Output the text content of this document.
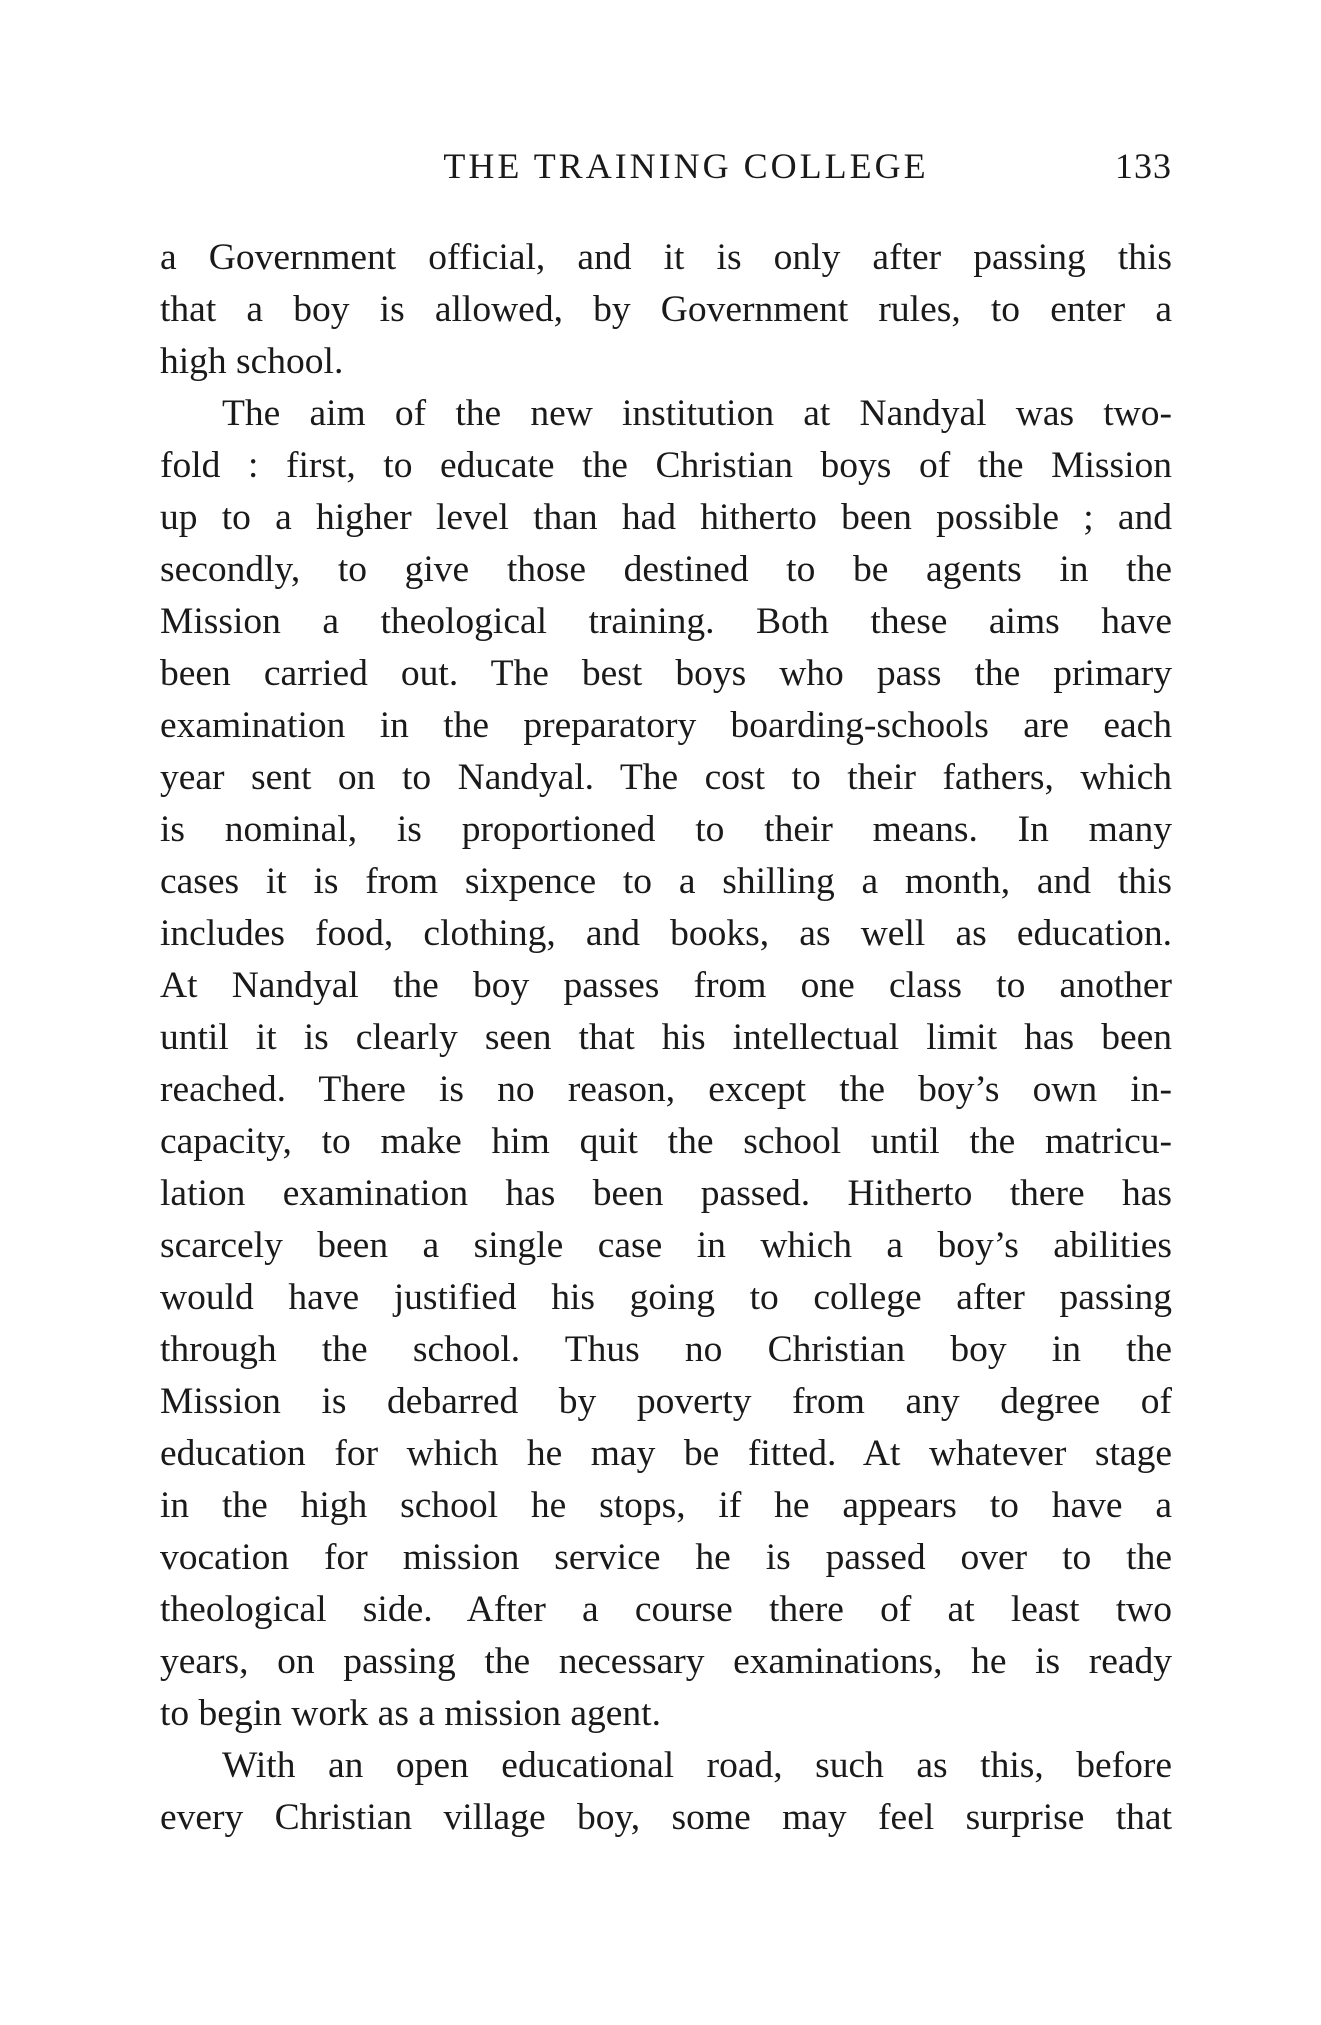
THE TRAINING COLLEGE	133

a Government official, and it is only after passing this
that a boy is allowed, by Government rules, to enter a
high school.

The aim of the new institution at Nandyal was two-
fold : first, to educate the Christian boys of the Mission
up to a higher level than had hitherto been possible ; and
secondly, to give those destined to be agents in the
Mission a theological training. Both these aims have
been carried out. The best boys who pass the primary
examination in the preparatory boarding-schools are each
year sent on to Nandyal. The cost to their fathers, which
is nominal, is proportioned to their means. In many
cases it is from sixpence to a shilling a month, and this
includes food, clothing, and books, as well as education.
At Nandyal the boy passes from one class to another
until it is clearly seen that his intellectual limit has been
reached. There is no reason, except the boy’s own in-
capacity, to make him quit the school until the matricu-
lation examination has been passed. Hitherto there has
scarcely been a single case in which a boy’s abilities
would have justified his going to college after passing
through the school. Thus no Christian boy in the
Mission is debarred by poverty from any degree of
education for which he may be fitted. At whatever stage
in the high school he stops, if he appears to have a
vocation for mission service he is passed over to the
theological side. After a course there of at least two
years, on passing the necessary examinations, he is ready
to begin work as a mission agent.

With an open educational road, such as this, before
every Christian village boy, some may feel surprise that
